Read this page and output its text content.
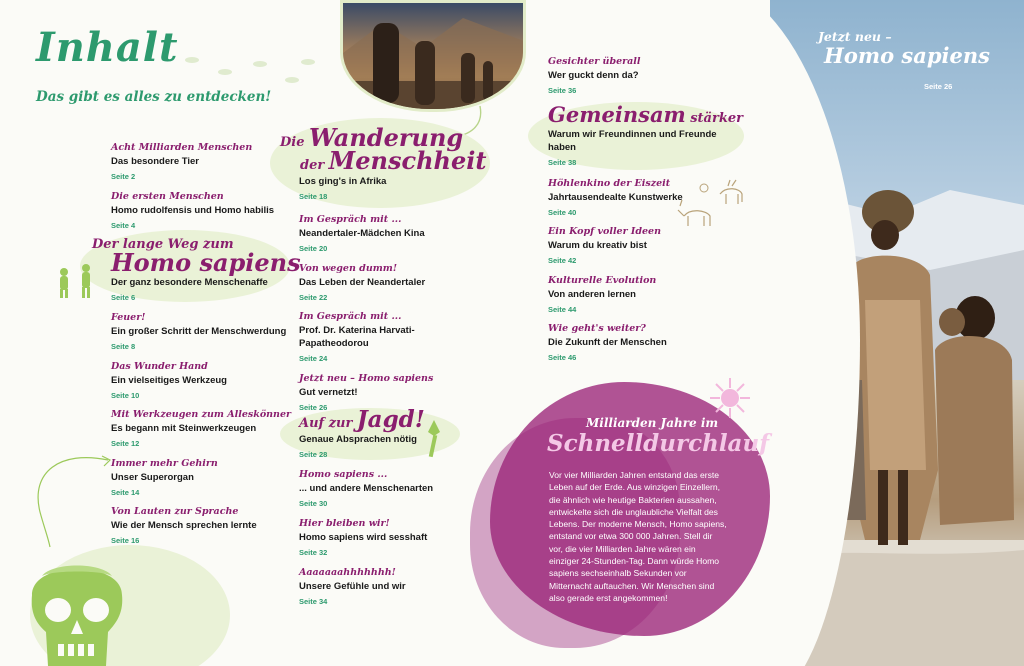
Jetzt neu –
Homo sapiens
Seite 26
Inhalt
Das gibt es alles zu entdecken!
Acht Milliarden Menschen
Das besondere Tier
Seite 2
Die ersten Menschen
Homo rudolfensis und Homo habilis
Seite 4
Der lange Weg zum
Homo sapiens
Der ganz besondere Menschenaffe
Seite 6
Feuer!
Ein großer Schritt der Menschwerdung
Seite 8
Das Wunder Hand
Ein vielseitiges Werkzeug
Seite 10
Mit Werkzeugen zum Alleskönner
Es begann mit Steinwerkzeugen
Seite 12
Immer mehr Gehirn
Unser Superorgan
Seite 14
Von Lauten zur Sprache
Wie der Mensch sprechen lernte
Seite 16
Die Wanderung
der Menschheit
Los ging's in Afrika
Seite 18
Im Gespräch mit ...
Neandertaler-Mädchen Kina
Seite 20
Von wegen dumm!
Das Leben der Neandertaler
Seite 22
Im Gespräch mit ...
Prof. Dr. Katerina Harvati-Papatheodorou
Seite 24
Jetzt neu – Homo sapiens
Gut vernetzt!
Seite 26
Auf zur Jagd!
Genaue Absprachen nötig
Seite 28
Homo sapiens ...
... und andere Menschenarten
Seite 30
Hier bleiben wir!
Homo sapiens wird sesshaft
Seite 32
Aaaaaaahhhhhhh!
Unsere Gefühle und wir
Seite 34
Gesichter überall
Wer guckt denn da?
Seite 36
Gemeinsam stärker
Warum wir Freundinnen und Freunde haben
Seite 38
Höhlenkino der Eiszeit
Jahrtausendealte Kunstwerke
Seite 40
Ein Kopf voller Ideen
Warum du kreativ bist
Seite 42
Kulturelle Evolution
Von anderen lernen
Seite 44
Wie geht's weiter?
Die Zukunft der Menschen
Seite 46
Milliarden Jahre im
Schnelldurchlauf
Vor vier Milliarden Jahren entstand das erste Leben auf der Erde. Aus winzigen Einzellern, die ähnlich wie heutige Bakterien aussahen, entwickelte sich die unglaubliche Vielfalt des Lebens. Der moderne Mensch, Homo sapiens, entstand vor etwa 300 000 Jahren. Stell dir vor, die vier Milliarden Jahre wären ein einziger 24-Stunden-Tag. Dann würde Homo sapiens sechseinhalb Sekunden vor Mitternacht auftauchen. Wir Menschen sind also gerade erst angekommen!
